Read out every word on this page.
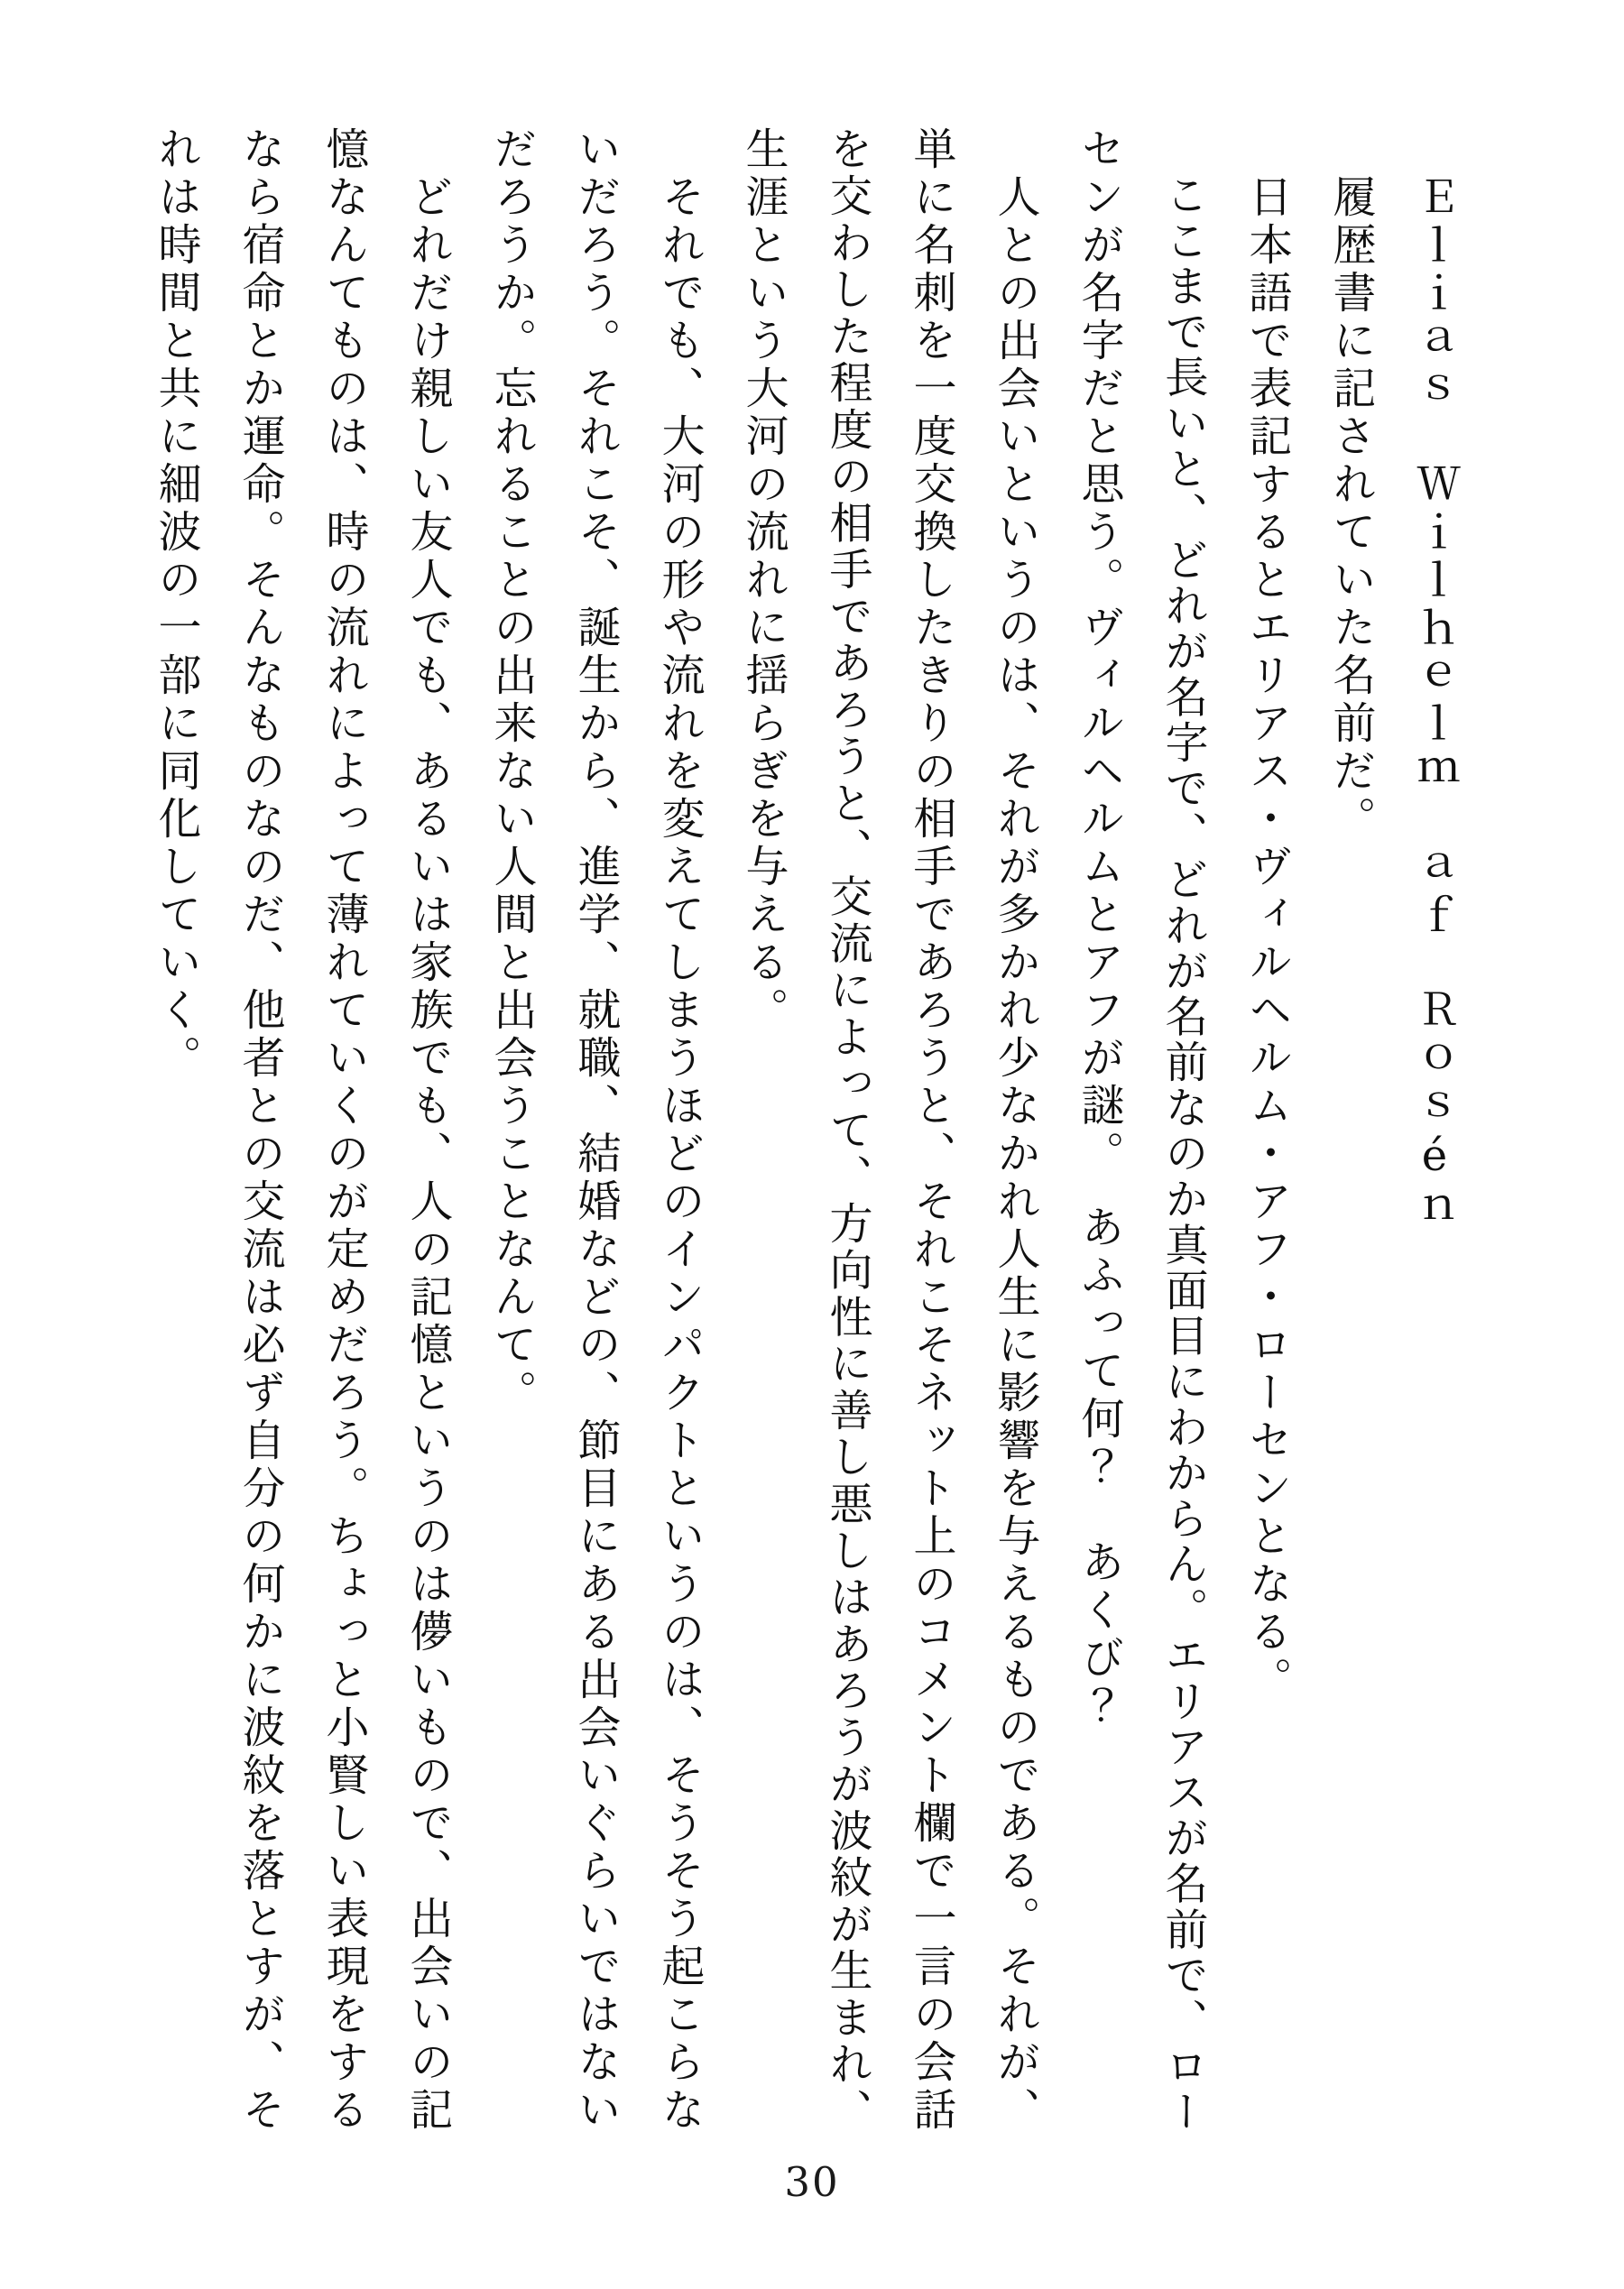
　Ｅｌｉａｓ　Ｗｉｌｈｅｌｍ　ａｆ　Ｒｏｓéｎ
　履歴書に記されていた名前だ。
　日本語で表記するとエリアス・ヴィルヘルム・アフ・ローセンとなる。
　ここまで長いと、どれが名字で、どれが名前なのか真面目にわからん。エリアスが名前で、ロー
センが名字だと思う。ヴィルヘルムとアフが謎。　あふって何？　あくび？
　人との出会いというのは、それが多かれ少なかれ人生に影響を与えるものである。それが、
単に名刺を一度交換したきりの相手であろうと、それこそネット上のコメント欄で一言の会話
を交わした程度の相手であろうと、交流によって、方向性に善し悪しはあろうが波紋が生まれ、
生涯という大河の流れに揺らぎを与える。
　それでも、大河の形や流れを変えてしまうほどのインパクトというのは、そうそう起こらな
いだろう。それこそ、誕生から、進学、就職、結婚などの、節目にある出会いぐらいではない
だろうか。忘れることの出来ない人間と出会うことなんて。
　どれだけ親しい友人でも、あるいは家族でも、人の記憶というのは儚いもので、出会いの記
憶なんてものは、時の流れによって薄れていくのが定めだろう。ちょっと小賢しい表現をする
なら宿命とか運命。そんなものなのだ、他者との交流は必ず自分の何かに波紋を落とすが、そ
れは時間と共に細波の一部に同化していく。
30
